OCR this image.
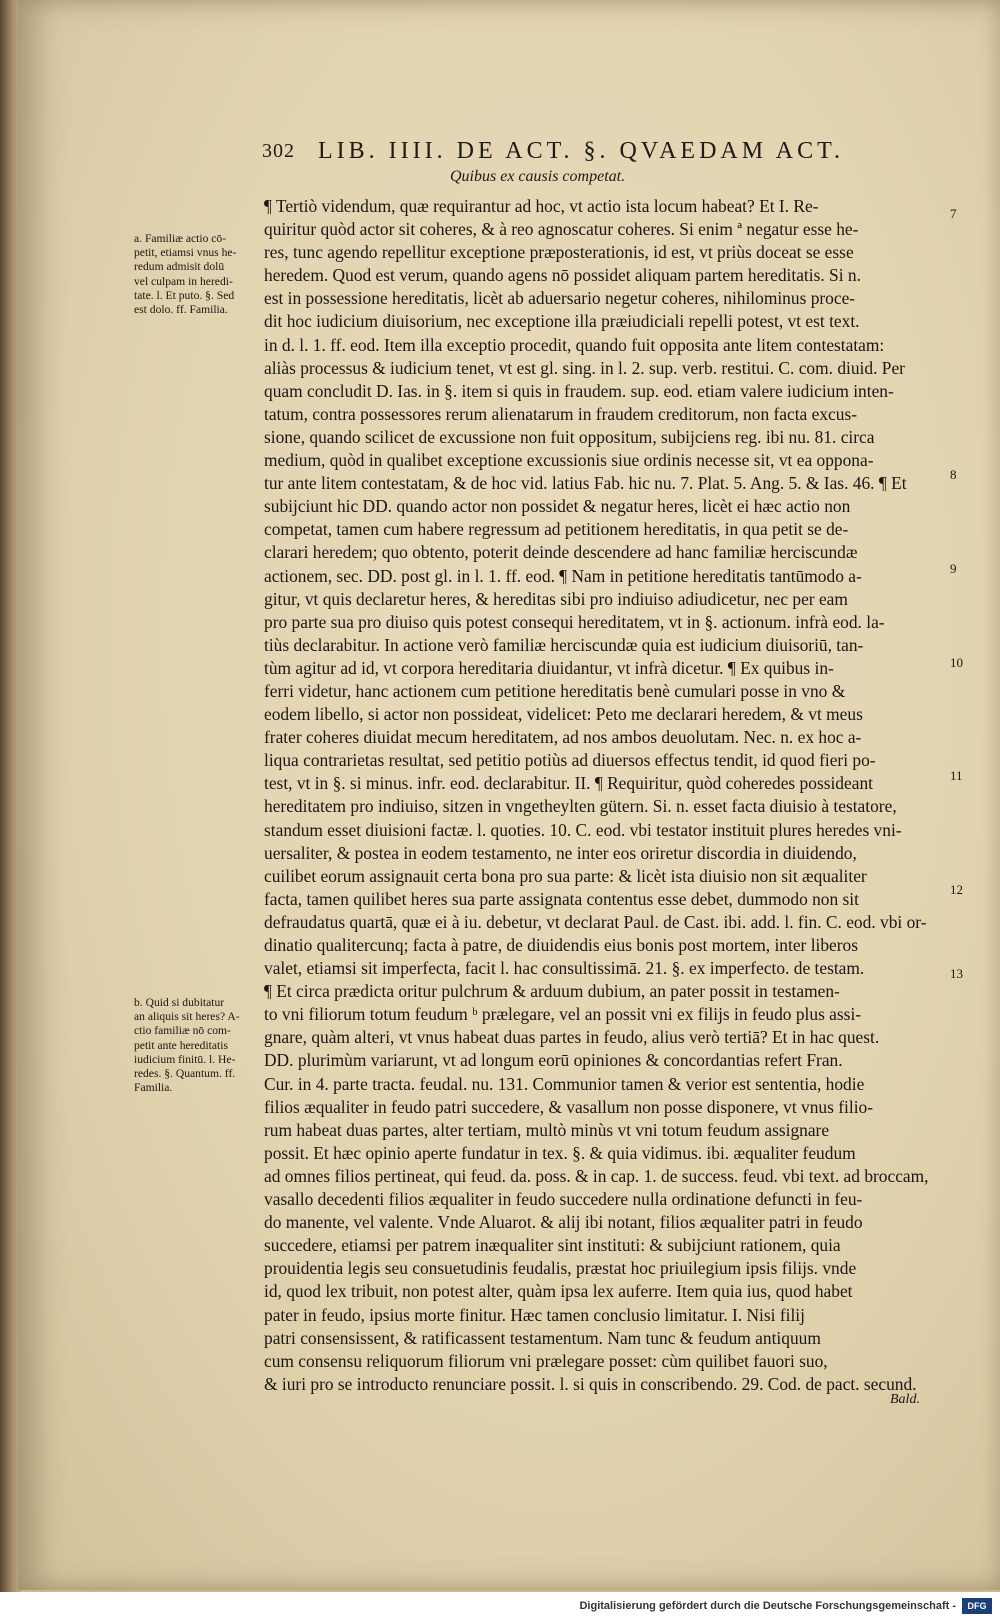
302 LIB. IIII. DE ACT. §. QVAEDAM ACT.
Quibus ex causis competat.
¶ Tertiò videndum, quæ requirantur ad hoc, vt actio ista locum habeat? Et I. Re-
quiritur quòd actor sit coheres, & à reo agnoscatur coheres. Si enim ª negatur esse he-
res, tunc agendo repellitur exceptione præposterationis, id est, vt priùs doceat se esse
heredem. Quod est verum, quando agens nō possidet aliquam partem hereditatis. Si n.
est in possessione hereditatis, licèt ab aduersario negetur coheres, nihilominus proce-
dit hoc iudicium diuisorium, nec exceptione illa præiudiciali repelli potest, vt est text.
in d. l. 1. ff. eod. Item illa exceptio procedit, quando fuit opposita ante litem contestatam:
aliàs processus & iudicium tenet, vt est gl. sing. in l. 2. sup. verb. restitui. C. com. diuid. Per
quam concludit D. Ias. in §. item si quis in fraudem. sup. eod. etiam valere iudicium inten-
tatum, contra possessores rerum alienatarum in fraudem creditorum, non facta excus-
sione, quando scilicet de excussione non fuit oppositum, subijciens reg. ibi nu. 81. circa
medium, quòd in qualibet exceptione excussionis siue ordinis necesse sit, vt ea oppona-
tur ante litem contestatam, & de hoc vid. latius Fab. hic nu. 7. Plat. 5. Ang. 5. & Ias. 46. ¶ Et
subijciunt hic DD. quando actor non possidet & negatur heres, licèt ei hæc actio non
competat, tamen cum habere regressum ad petitionem hereditatis, in qua petit se de-
clarari heredem; quo obtento, poterit deinde descendere ad hanc familiæ herciscundæ
actionem, sec. DD. post gl. in l. 1. ff. eod. ¶ Nam in petitione hereditatis tantūmodo a-
gitur, vt quis declaretur heres, & hereditas sibi pro indiuiso adiudicetur, nec per eam
pro parte sua pro diuiso quis potest consequi hereditatem, vt in §. actionum. infrà eod. la-
tiùs declarabitur. In actione verò familiæ herciscundæ quia est iudicium diuisoriū, tan-
tùm agitur ad id, vt corpora hereditaria diuidantur, vt infrà dicetur. ¶ Ex quibus in-
ferri videtur, hanc actionem cum petitione hereditatis benè cumulari posse in vno &
eodem libello, si actor non possideat, videlicet: Peto me declarari heredem, & vt meus
frater coheres diuidat mecum hereditatem, ad nos ambos deuolutam. Nec. n. ex hoc a-
liqua contrarietas resultat, sed petitio potiùs ad diuersos effectus tendit, id quod fieri po-
test, vt in §. si minus. infr. eod. declarabitur. II. ¶ Requiritur, quòd coheredes possideant
hereditatem pro indiuiso, sitzen in vngetheylten gütern. Si. n. esset facta diuisio à testatore,
standum esset diuisioni factæ. l. quoties. 10. C. eod. vbi testator instituit plures heredes vni-
uersaliter, & postea in eodem testamento, ne inter eos oriretur discordia in diuidendo,
cuilibet eorum assignauit certa bona pro sua parte: & licèt ista diuisio non sit æqualiter
facta, tamen quilibet heres sua parte assignata contentus esse debet, dummodo non sit
defraudatus quartā, quæ ei à iu. debetur, vt declarat Paul. de Cast. ibi. add. l. fin. C. eod. vbi or-
dinatio qualitercunq; facta à patre, de diuidendis eius bonis post mortem, inter liberos
valet, etiamsi sit imperfecta, facit l. hac consultissimā. 21. §. ex imperfecto. de testam.
¶ Et circa prædicta oritur pulchrum & arduum dubium, an pater possit in testamen-
to vni filiorum totum feudum ᵇ prælegare, vel an possit vni ex filijs in feudo plus assi-
gnare, quàm alteri, vt vnus habeat duas partes in feudo, alius verò tertiā? Et in hac quest.
DD. plurimùm variarunt, vt ad longum eorū opiniones & concordantias refert Fran.
Cur. in 4. parte tracta. feudal. nu. 131. Communior tamen & verior est sententia, hodie
filios æqualiter in feudo patri succedere, & vasallum non posse disponere, vt vnus filio-
rum habeat duas partes, alter tertiam, multò minùs vt vni totum feudum assignare
possit. Et hæc opinio aperte fundatur in tex. §. & quia vidimus. ibi. æqualiter feudum
ad omnes filios pertineat, qui feud. da. poss. & in cap. 1. de success. feud. vbi text. ad broccam,
vasallo decedenti filios æqualiter in feudo succedere nulla ordinatione defuncti in feu-
do manente, vel valente. Vnde Aluarot. & alij ibi notant, filios æqualiter patri in feudo
succedere, etiamsi per patrem inæqualiter sint instituti: & subijciunt rationem, quia
prouidentia legis seu consuetudinis feudalis, præstat hoc priuilegium ipsis filijs. vnde
id, quod lex tribuit, non potest alter, quàm ipsa lex auferre. Item quia ius, quod habet
pater in feudo, ipsius morte finitur. Hæc tamen conclusio limitatur. I. Nisi filij
patri consensissent, & ratificassent testamentum. Nam tunc & feudum antiquum
cum consensu reliquorum filiorum vni prælegare posset: cùm quilibet fauori suo,
& iuri pro se introducto renunciare possit. l. si quis in conscribendo. 29. Cod. de pact. secund.
a. Familiæ actio cō-
petit, etiamsi vnus he-
redum admisit dolū
vel culpam in heredi-
tate. l. Et puto. §. Sed
est dolo. ff. Familia.
b. Quid si dubitatur
an aliquis sit heres? A-
ctio familiæ nō com-
petit ante hereditatis
iudicium finitū. l. He-
redes. §. Quantum. ff.
Familia.
7
8
9
10
11
12
13
Bald.
Digitalisierung gefördert durch die Deutsche Forschungsgemeinschaft -	DFG
